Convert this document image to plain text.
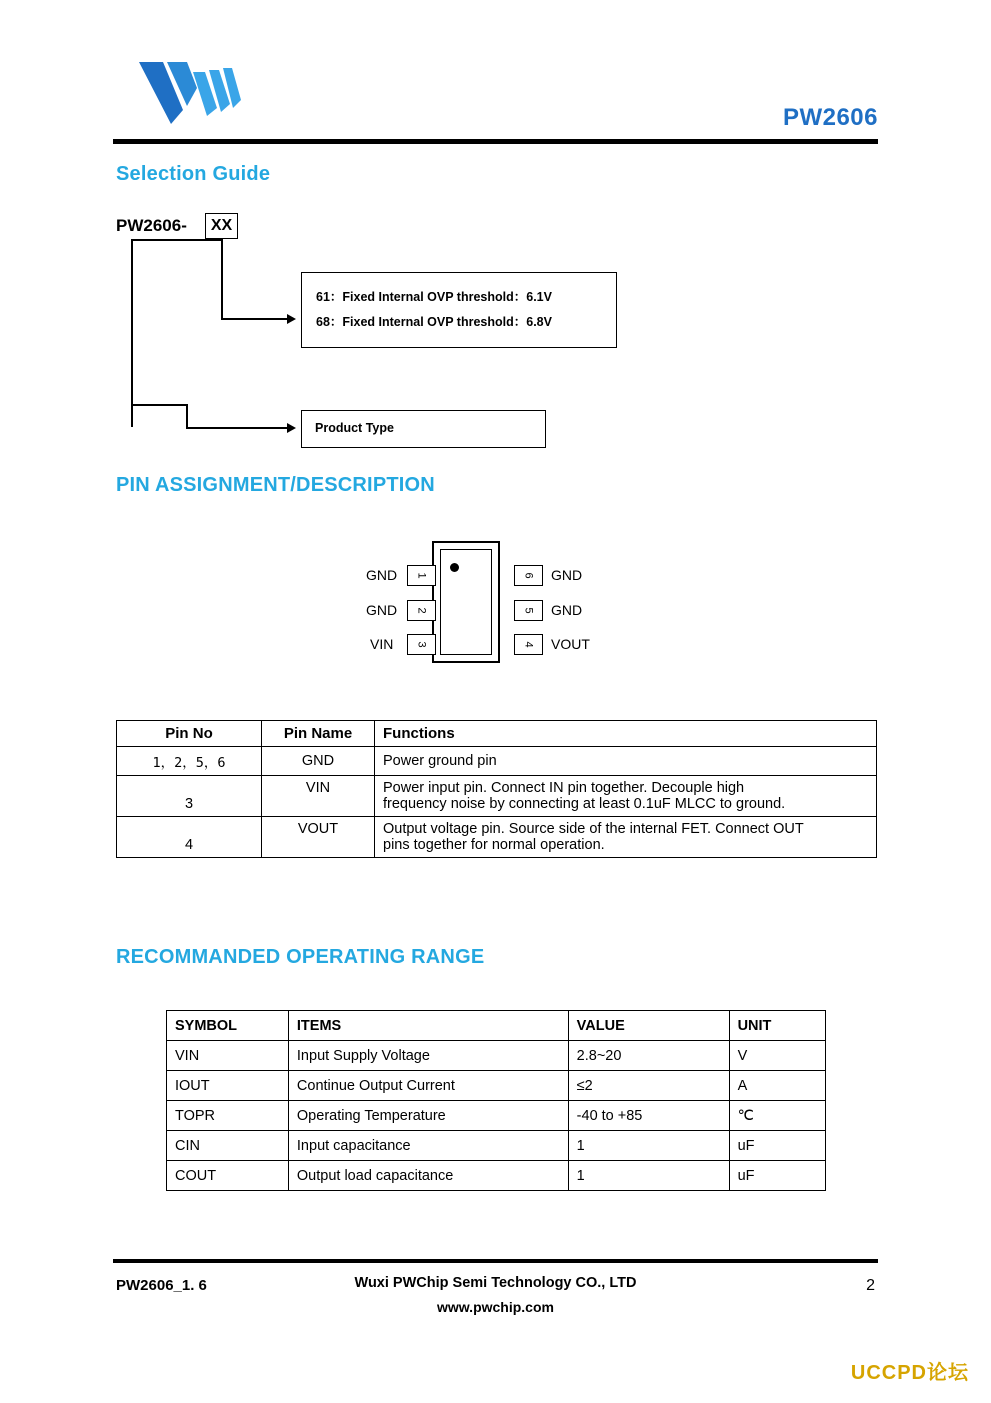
PW2606
Selection Guide
PW2606-	XX
61：Fixed Internal OVP threshold：6.1V
68：Fixed Internal OVP threshold：6.8V
Product Type
PIN ASSIGNMENT/DESCRIPTION
1
2
3
6
5
4
GND
GND
VIN
GND
GND
VOUT
Pin No	Pin Name	Functions
1，2，5，6	GND	Power ground pin
3	VIN	Power input pin. Connect IN pin together. Decouple high
frequency noise by connecting at least 0.1uF MLCC to ground.

4	VOUT	Output voltage pin. Source side of the internal FET. Connect OUT
pins together for normal operation.
RECOMMANDED OPERATING RANGE
SYMBOL	ITEMS	VALUE	UNIT
VIN	Input Supply Voltage	2.8~20	V
IOUT	Continue Output Current	≤2	A
TOPR	Operating Temperature	-40 to +85	℃
CIN	Input capacitance	1	uF
COUT	Output load capacitance	1	uF
PW2606_1. 6	Wuxi PWChip Semi Technology CO., LTD
www.pwchip.com
2
UCCPD论坛
